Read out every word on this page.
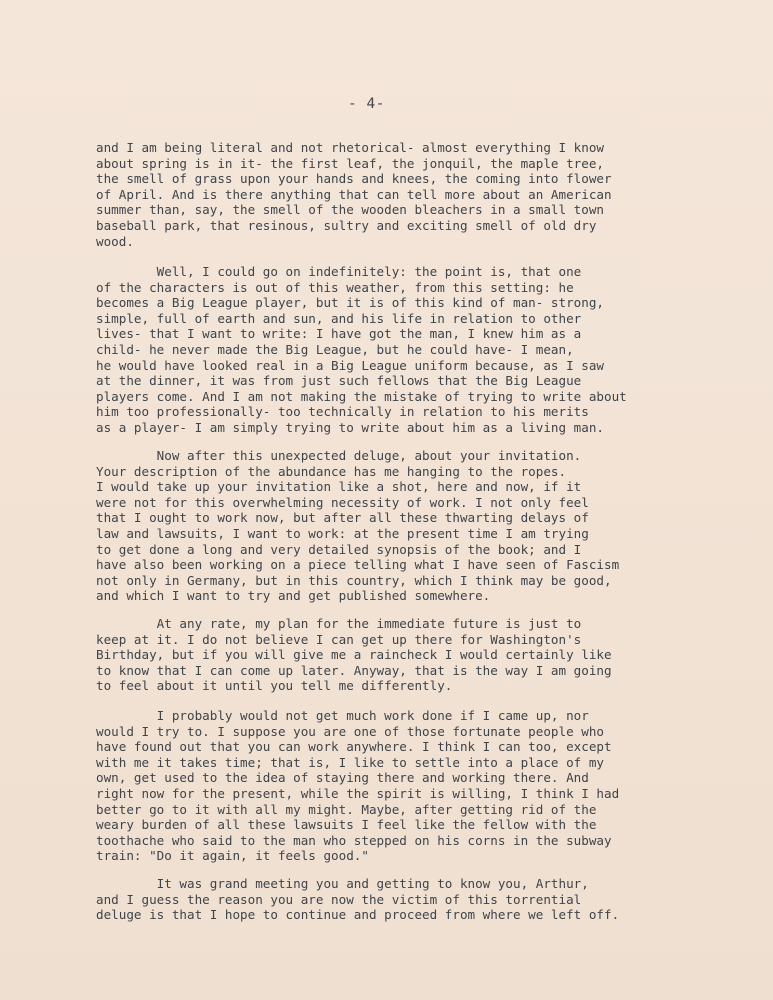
- 4-
and I am being literal and not rhetorical- almost everything I know
about spring is in it- the first leaf, the jonquil, the maple tree,
the smell of grass upon your hands and knees, the coming into flower
of April. And is there anything that can tell more about an American
summer than, say, the smell of the wooden bleachers in a small town
baseball park, that resinous, sultry and exciting smell of old dry
wood.
Well, I could go on indefinitely: the point is, that one
of the characters is out of this weather, from this setting: he
becomes a Big League player, but it is of this kind of man- strong,
simple, full of earth and sun, and his life in relation to other
lives- that I want to write: I have got the man, I knew him as a
child- he never made the Big League, but he could have- I mean,
he would have looked real in a Big League uniform because, as I saw
at the dinner, it was from just such fellows that the Big League
players come. And I am not making the mistake of trying to write about
him too professionally- too technically in relation to his merits
as a player- I am simply trying to write about him as a living man.
Now after this unexpected deluge, about your invitation.
Your description of the abundance has me hanging to the ropes.
I would take up your invitation like a shot, here and now, if it
were not for this overwhelming necessity of work. I not only feel
that I ought to work now, but after all these thwarting delays of
law and lawsuits, I want to work: at the present time I am trying
to get done a long and very detailed synopsis of the book; and I
have also been working on a piece telling what I have seen of Fascism
not only in Germany, but in this country, which I think may be good,
and which I want to try and get published somewhere.
At any rate, my plan for the immediate future is just to
keep at it. I do not believe I can get up there for Washington's
Birthday, but if you will give me a raincheck I would certainly like
to know that I can come up later. Anyway, that is the way I am going
to feel about it until you tell me differently.
I probably would not get much work done if I came up, nor
would I try to. I suppose you are one of those fortunate people who
have found out that you can work anywhere. I think I can too, except
with me it takes time; that is, I like to settle into a place of my
own, get used to the idea of staying there and working there. And
right now for the present, while the spirit is willing, I think I had
better go to it with all my might. Maybe, after getting rid of the
weary burden of all these lawsuits I feel like the fellow with the
toothache who said to the man who stepped on his corns in the subway
train: "Do it again, it feels good."
It was grand meeting you and getting to know you, Arthur,
and I guess the reason you are now the victim of this torrential
deluge is that I hope to continue and proceed from where we left off.
